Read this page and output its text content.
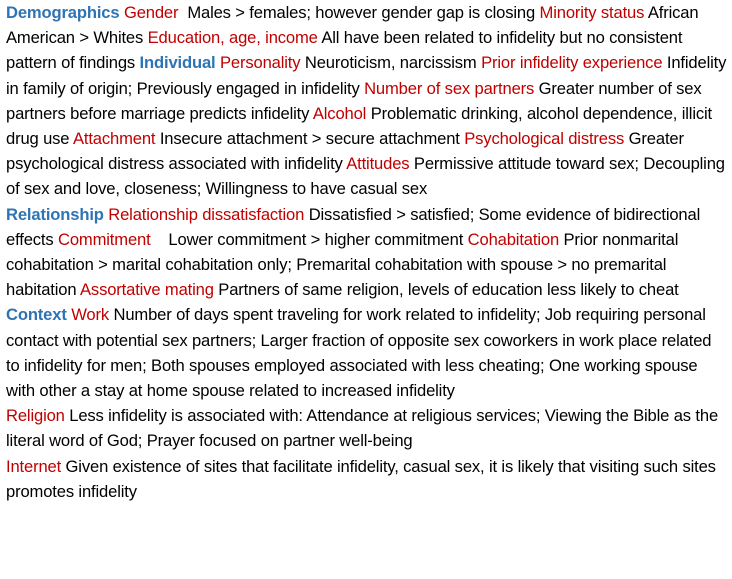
Demographics Gender Males > females; however gender gap is closing Minority status African American > Whites Education, age, income All have been related to infidelity but no consistent pattern of findings Individual Personality Neuroticism, narcissism Prior infidelity experience Infidelity in family of origin; Previously engaged in infidelity Number of sex partners Greater number of sex partners before marriage predicts infidelity Alcohol Problematic drinking, alcohol dependence, illicit drug use Attachment Insecure attachment > secure attachment Psychological distress Greater psychological distress associated with infidelity Attitudes Permissive attitude toward sex; Decoupling of sex and love, closeness; Willingness to have casual sex

Relationship Relationship dissatisfaction Dissatisfied > satisfied; Some evidence of bidirectional effects Commitment Lower commitment > higher commitment Cohabitation Prior nonmarital cohabitation > marital cohabitation only; Premarital cohabitation with spouse > no premarital habitation Assortative mating Partners of same religion, levels of education less likely to cheat

Context Work Number of days spent traveling for work related to infidelity; Job requiring personal contact with potential sex partners; Larger fraction of opposite sex coworkers in work place related to infidelity for men; Both spouses employed associated with less cheating; One working spouse with other a stay at home spouse related to increased infidelity

Religion Less infidelity is associated with: Attendance at religious services; Viewing the Bible as the literal word of God; Prayer focused on partner well-being

Internet Given existence of sites that facilitate infidelity, casual sex, it is likely that visiting such sites promotes infidelity
